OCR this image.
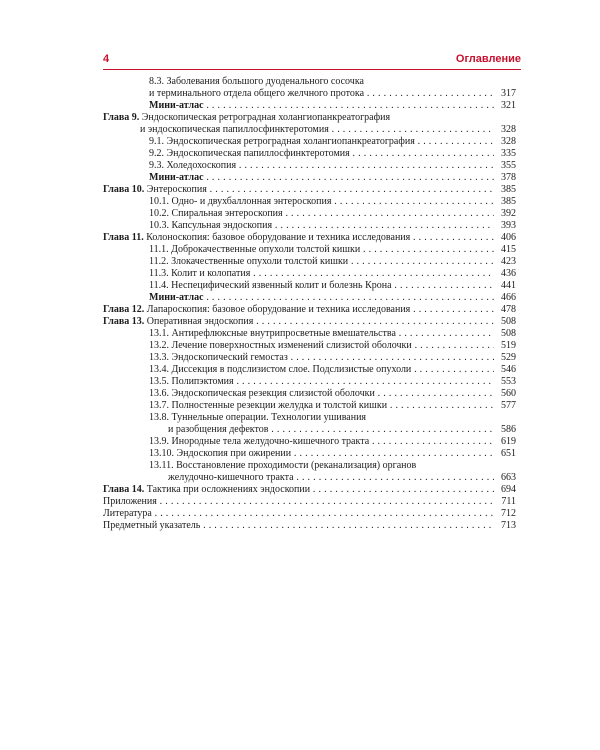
4	Оглавление
8.3. Заболевания большого дуоденального сосочка
и терминального отдела общего желчного протока . . .	317
Мини-атлас . . .	321
Глава 9. Эндоскопическая ретроградная холангиопанкреатография
и эндоскопическая папиллосфинктеротомия . . .	328
9.1. Эндоскопическая ретроградная холангиопанкреатография . . .	328
9.2. Эндоскопическая папиллосфинктеротомия . . .	335
9.3. Холедохоскопия . . .	355
Мини-атлас . . .	378
Глава 10. Энтероскопия . . .	385
10.1. Одно- и двухбаллонная энтероскопия . . .	385
10.2. Спиральная энтероскопия . . .	392
10.3. Капсульная эндоскопия . . .	393
Глава 11. Колоноскопия: базовое оборудование и техника исследования . . .	406
11.1. Доброкачественные опухоли толстой кишки . . .	415
11.2. Злокачественные опухоли толстой кишки . . .	423
11.3. Колит и колопатия . . .	436
11.4. Неспецифический язвенный колит и болезнь Крона . . .	441
Мини-атлас . . .	466
Глава 12. Лапароскопия: базовое оборудование и техника исследования . . .	478
Глава 13. Оперативная эндоскопия . . .	508
13.1. Антирефлюксные внутрипросветные вмешательства . . .	508
13.2. Лечение поверхностных изменений слизистой оболочки . . .	519
13.3. Эндоскопический гемостаз . . .	529
13.4. Диссекция в подслизистом слое. Подслизистые опухоли . . .	546
13.5. Полипэктомия . . .	553
13.6. Эндоскопическая резекция слизистой оболочки . . .	560
13.7. Полностенные резекции желудка и толстой кишки . . .	577
13.8. Туннельные операции. Технологии ушивания
и разобщения дефектов . . .	586
13.9. Инородные тела желудочно-кишечного тракта . . .	619
13.10. Эндоскопия при ожирении . . .	651
13.11. Восстановление проходимости (реканализация) органов
желудочно-кишечного тракта . . .	663
Глава 14. Тактика при осложнениях эндоскопии . . .	694
Приложения . . .	711
Литература . . .	712
Предметный указатель . . .	713
